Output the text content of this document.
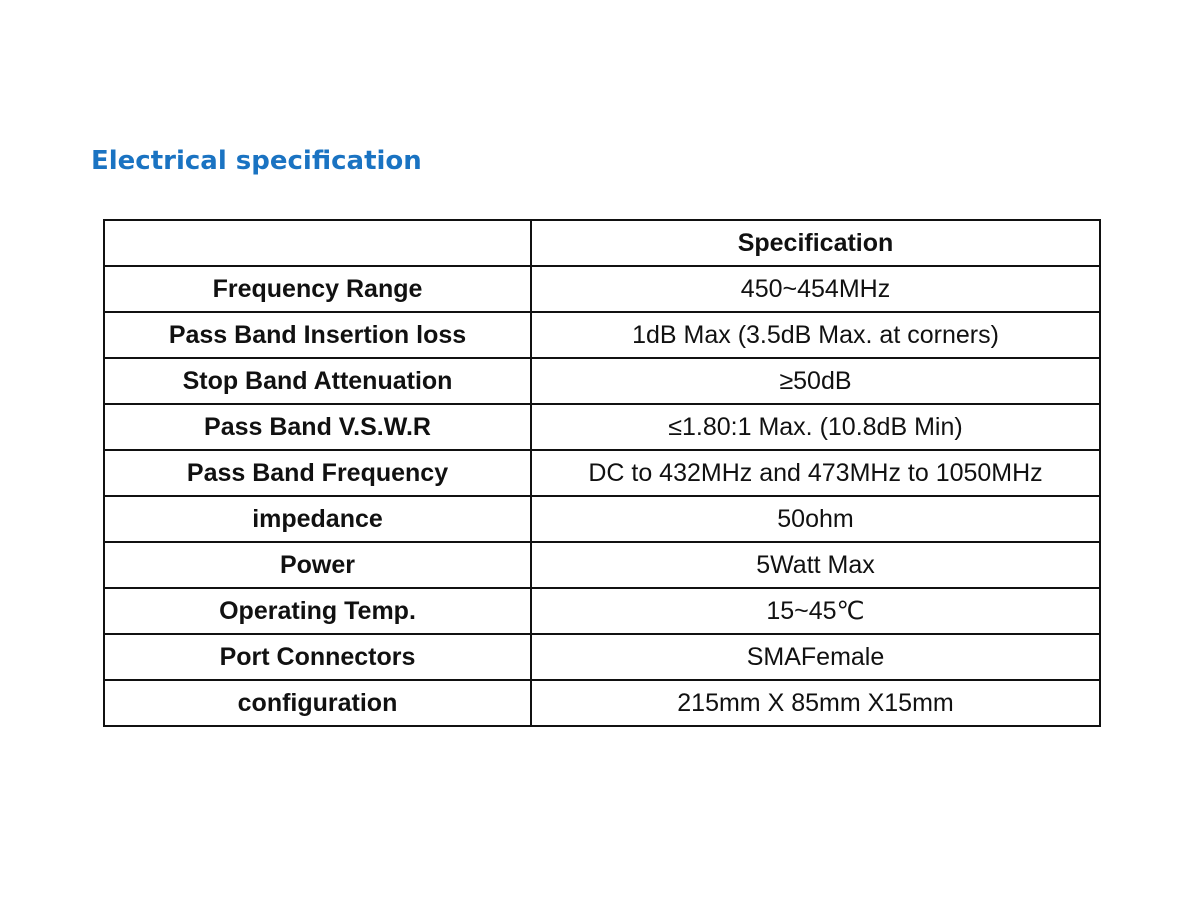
Electrical specification
	Specification
Frequency Range	450~454MHz
Pass Band Insertion loss	1dB Max (3.5dB Max. at corners)
Stop Band Attenuation	≥50dB
Pass Band V.S.W.R	≤1.80:1 Max. (10.8dB Min)
Pass Band Frequency	DC to 432MHz and 473MHz to 1050MHz
impedance	50ohm
Power	5Watt Max
Operating Temp.	15~45℃
Port Connectors	SMAFemale
configuration	215mm X 85mm X15mm
